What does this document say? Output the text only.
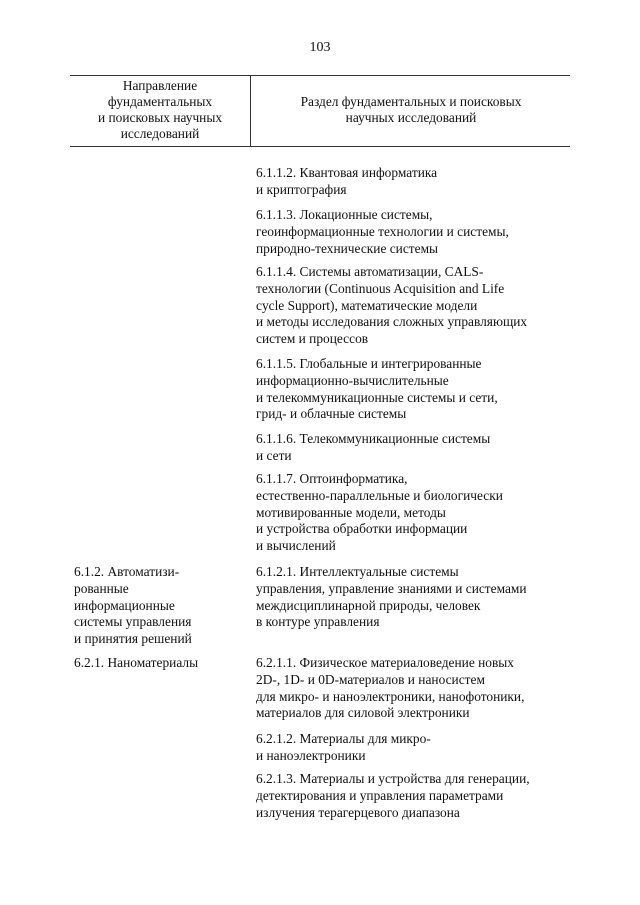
103
Направление
фундаментальных
и поисковых научных
исследований
Раздел фундаментальных и поисковых
научных исследований
6.1.1.2. Квантовая информатика
и криптография
6.1.1.3. Локационные системы,
геоинформационные технологии и системы,
природно-технические системы
6.1.1.4. Системы автоматизации, CALS-
технологии (Continuous Acquisition and Life
cycle Support), математические модели
и методы исследования сложных управляющих
систем и процессов
6.1.1.5. Глобальные и интегрированные
информационно-вычислительные
и телекоммуникационные системы и сети,
грид- и облачные системы
6.1.1.6. Телекоммуникационные системы
и сети
6.1.1.7. Оптоинформатика,
естественно-параллельные и биологически
мотивированные модели, методы
и устройства обработки информации
и вычислений
6.1.2. Автоматизи-
рованные
информационные
системы управления
и принятия решений
6.1.2.1. Интеллектуальные системы
управления, управление знаниями и системами
междисциплинарной природы, человек
в контуре управления
6.2.1. Наноматериалы	6.2.1.1. Физическое материаловедение новых
2D-, 1D- и 0D-материалов и наносистем
для микро- и наноэлектроники, нанофотоники,
материалов для силовой электроники
6.2.1.2. Материалы для микро-
и наноэлектроники
6.2.1.3. Материалы и устройства для генерации,
детектирования и управления параметрами
излучения терагерцевого диапазона
